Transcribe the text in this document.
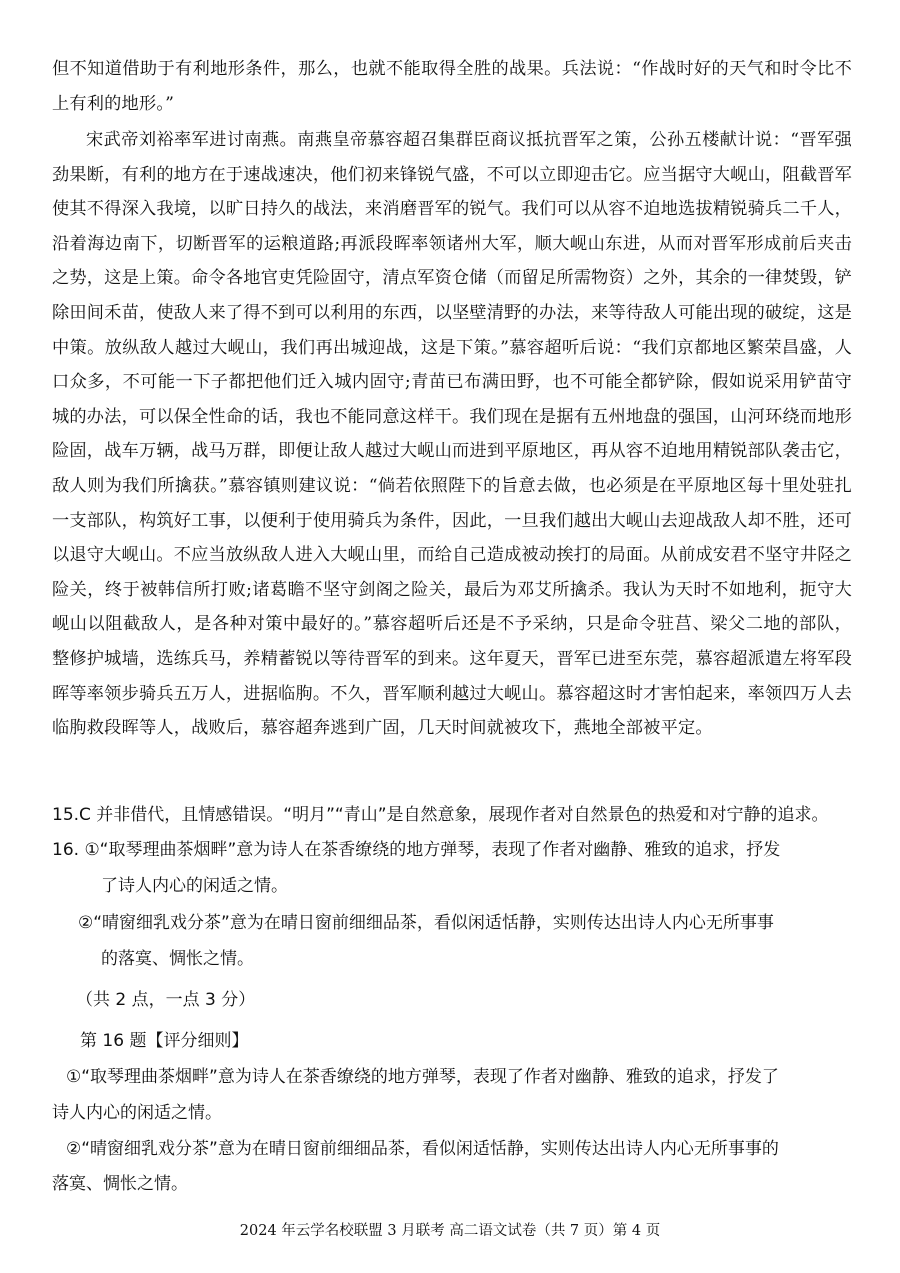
但不知道借助于有利地形条件，那么，也就不能取得全胜的战果。兵法说：“作战时好的天气和时令比不上有利的地形。”

宋武帝刘裕率军进讨南燕。南燕皇帝慕容超召集群臣商议抵抗晋军之策，公孙五楼献计说：“晋军强劲果断，有利的地方在于速战速决，他们初来锋锐气盛，不可以立即迎击它。应当据守大岘山，阻截晋军使其不得深入我境，以旷日持久的战法，来消磨晋军的锐气。我们可以从容不迫地选拔精锐骑兵二千人，沿着海边南下，切断晋军的运粮道路;再派段晖率领诸州大军，顺大岘山东进，从而对晋军形成前后夹击之势，这是上策。命令各地官吏凭险固守，清点军资仓储（而留足所需物资）之外，其余的一律焚毁，铲除田间禾苗，使敌人来了得不到可以利用的东西，以坚壁清野的办法，来等待敌人可能出现的破绽，这是中策。放纵敌人越过大岘山，我们再出城迎战，这是下策。”慕容超听后说：“我们京都地区繁荣昌盛，人口众多，不可能一下子都把他们迁入城内固守;青苗已布满田野，也不可能全都铲除，假如说采用铲苗守城的办法，可以保全性命的话，我也不能同意这样干。我们现在是据有五州地盘的强国，山河环绕而地形险固，战车万辆，战马万群，即便让敌人越过大岘山而进到平原地区，再从容不迫地用精锐部队袭击它，敌人则为我们所擒获。”慕容镇则建议说：“倘若依照陛下的旨意去做，也必须是在平原地区每十里处驻扎一支部队，构筑好工事，以便利于使用骑兵为条件，因此，一旦我们越出大岘山去迎战敌人却不胜，还可以退守大岘山。不应当放纵敌人进入大岘山里，而给自己造成被动挨打的局面。从前成安君不坚守井陉之险关，终于被韩信所打败;诸葛瞻不坚守剑阁之险关，最后为邓艾所擒杀。我认为天时不如地利，扼守大岘山以阻截敌人，是各种对策中最好的。”慕容超听后还是不予采纳，只是命令驻莒、梁父二地的部队，整修护城墙，选练兵马，养精蓄锐以等待晋军的到来。这年夏天，晋军已进至东莞，慕容超派遣左将军段晖等率领步骑兵五万人，进据临朐。不久，晋军顺利越过大岘山。慕容超这时才害怕起来，率领四万人去临朐救段晖等人，战败后，慕容超奔逃到广固，几天时间就被攻下，燕地全部被平定。

15.C 并非借代，且情感错误。“明月”“青山”是自然意象，展现作者对自然景色的热爱和对宁静的追求。

16. ①“取琴理曲茶烟畔”意为诗人在茶香缭绕的地方弹琴，表现了作者对幽静、雅致的追求，抒发

了诗人内心的闲适之情。

②“晴窗细乳戏分茶”意为在晴日窗前细细品茶，看似闲适恬静，实则传达出诗人内心无所事事

的落寞、惆怅之情。

（共 2 点，一点 3 分）

第 16 题【评分细则】

①“取琴理曲茶烟畔”意为诗人在茶香缭绕的地方弹琴，表现了作者对幽静、雅致的追求，抒发了

诗人内心的闲适之情。

②“晴窗细乳戏分茶”意为在晴日窗前细细品茶，看似闲适恬静，实则传达出诗人内心无所事事的

落寞、惆怅之情。

2024 年云学名校联盟 3 月联考 高二语文试卷（共 7 页）第 4 页
